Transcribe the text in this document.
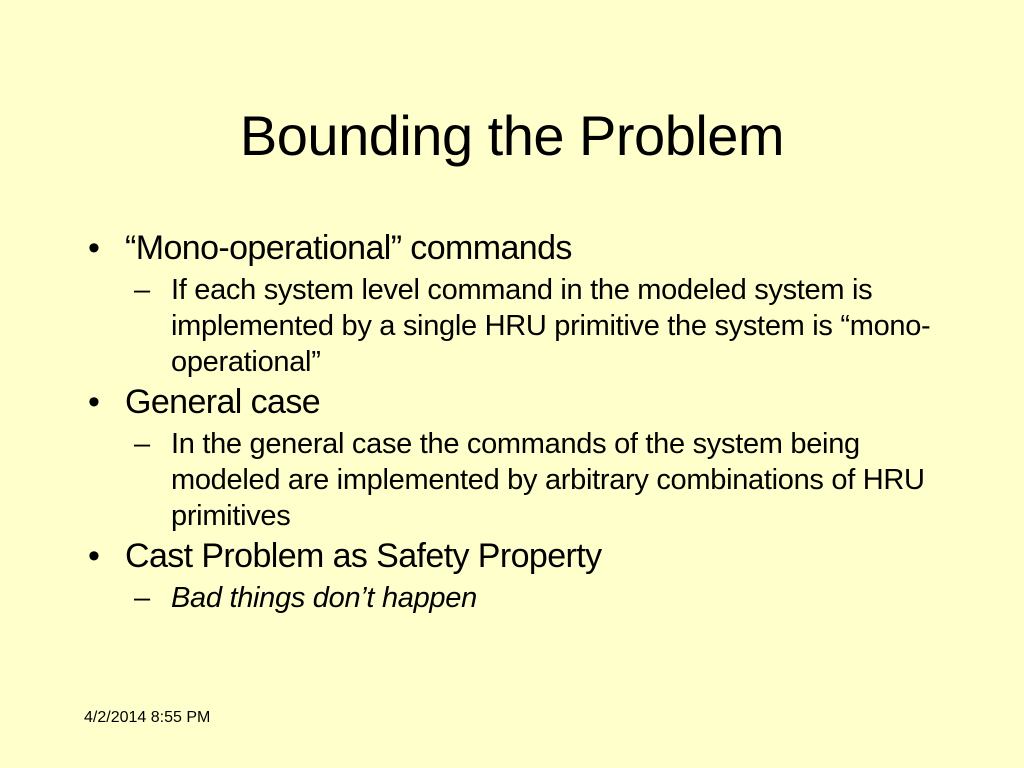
Bounding the Problem
• “Mono-operational” commands
– If each system level command in the modeled system is implemented by a single HRU primitive the system is “mono-operational”
• General case
– In the general case the commands of the system being modeled are implemented by arbitrary combinations of HRU primitives
• Cast Problem as Safety Property
– Bad things don’t happen
4/2/2014 8:55 PM
